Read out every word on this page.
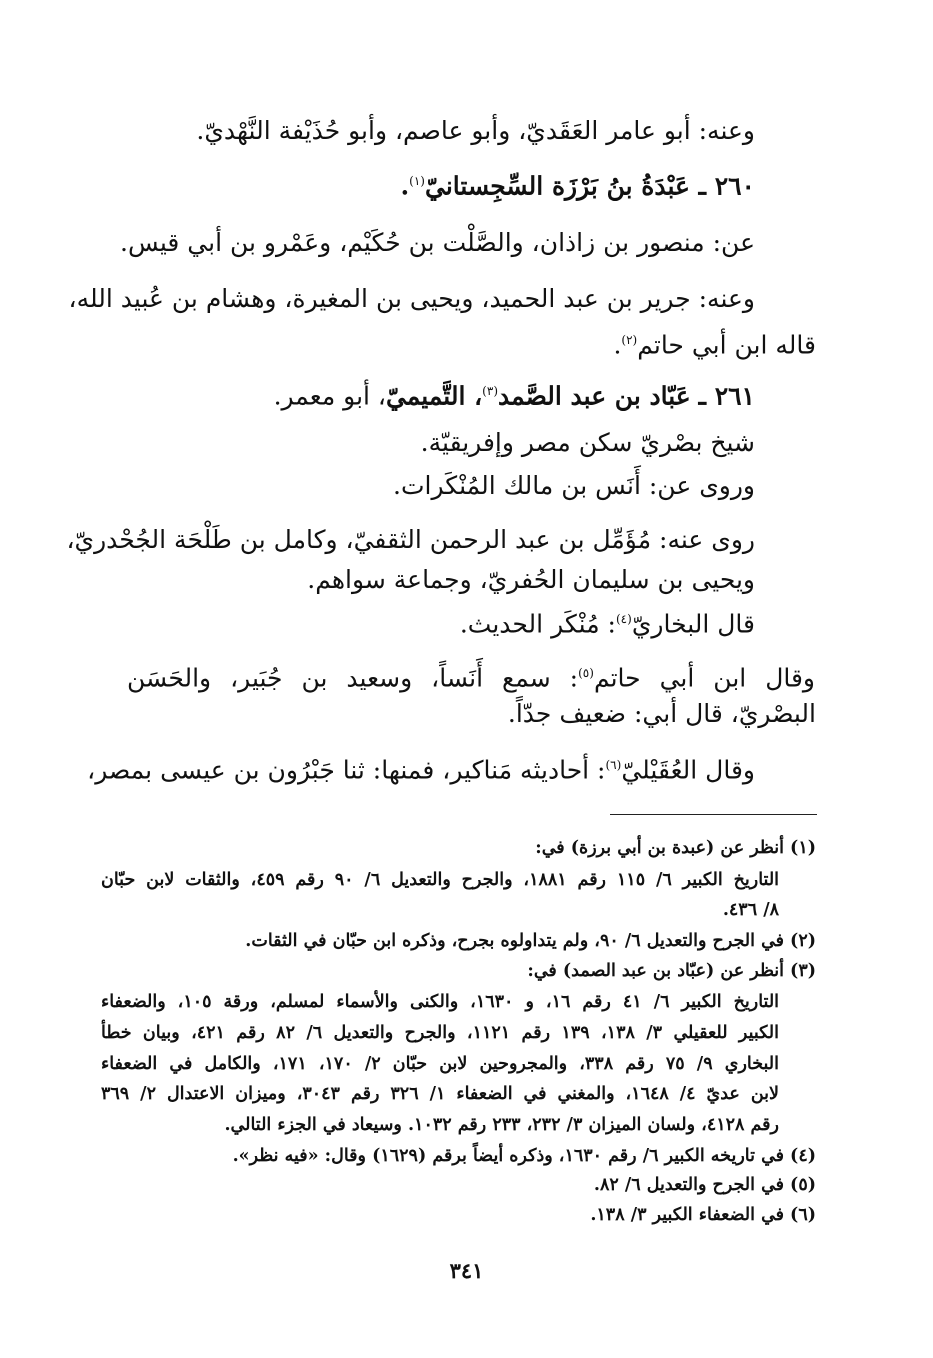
وعنه: أبو عامر العَقَديّ، وأبو عاصم، وأبو حُذَيْفة النَّهْديّ.
٢٦٠ ـ عَبْدَةُ بنُ بَرْزَة السِّجِستانيّ$^{(١)}$.
عن: منصور بن زاذان، والصَّلْت بن حُكَيْم، وعَمْرو بن أبي قيس.
وعنه: جرير بن عبد الحميد، ويحيى بن المغيرة، وهشام بن عُبيد الله،
قاله ابن أبي حاتم$^{(٢)}$.
٢٦١ ـ عَبّاد بن عبد الصَّمد$^{(٣)}$، التَّميميّ، أبو معمر.
شيخ بصْريّ سكن مصر وإفريقيّة.
وروى عن: أَنَس بن مالك المُنْكَرات.
روى عنه: مُؤَمِّل بن عبد الرحمن الثقفيّ، وكامل بن طَلْحَة الجُحْدريّ،
ويحيى بن سليمان الحُفريّ، وجماعة سواهم.
قال البخاريّ$^{(٤)}$: مُنْكَر الحديث.
وقال ابن أبي حاتم$^{(٥)}$: سمع أَنَساً، وسعيد بن جُبَير، والحَسَن
البصْريّ، قال أبي: ضعيف جدّاً.
وقال العُقَيْليّ$^{(٦)}$: أحاديثه مَناكير، فمنها: ثنا جَبْرُون بن عيسى بمصر،
(١)أنظر عن (عبدة بن أبي برزة) في:
التاريخ الكبير ٦/ ١١٥ رقم ١٨٨١، والجرح والتعديل ٦/ ٩٠ رقم ٤٥٩، والثقات لابن حبّان
٨/ ٤٣٦.
(٢)في الجرح والتعديل ٦/ ٩٠، ولم يتداولوه بجرح، وذكره ابن حبّان في الثقات.
(٣)أنظر عن (عبّاد بن عبد الصمد) في:
التاريخ الكبير ٦/ ٤١ رقم ١٦، و ١٦٣٠، والكنى والأسماء لمسلم، ورقة ١٠٥، والضعفاء
الكبير للعقيلي ٣/ ١٣٨، ١٣٩ رقم ١١٢١، والجرح والتعديل ٦/ ٨٢ رقم ٤٢١، وبيان خطأ
البخاري ٩/ ٧٥ رقم ٣٣٨، والمجروحين لابن حبّان ٢/ ١٧٠، ١٧١، والكامل في الضعفاء
لابن عديّ ٤/ ١٦٤٨، والمغني في الضعفاء ١/ ٣٢٦ رقم ٣٠٤٣، وميزان الاعتدال ٢/ ٣٦٩
رقم ٤١٢٨، ولسان الميزان ٣/ ٢٣٢، ٢٣٣ رقم ١٠٣٢. وسيعاد في الجزء التالي.
(٤)في تاريخه الكبير ٦/ رقم ١٦٣٠، وذكره أيضاً برقم (١٦٢٩) وقال: «فيه نظر».
(٥)في الجرح والتعديل ٦/ ٨٢.
(٦)في الضعفاء الكبير ٣/ ١٣٨.
٣٤١
